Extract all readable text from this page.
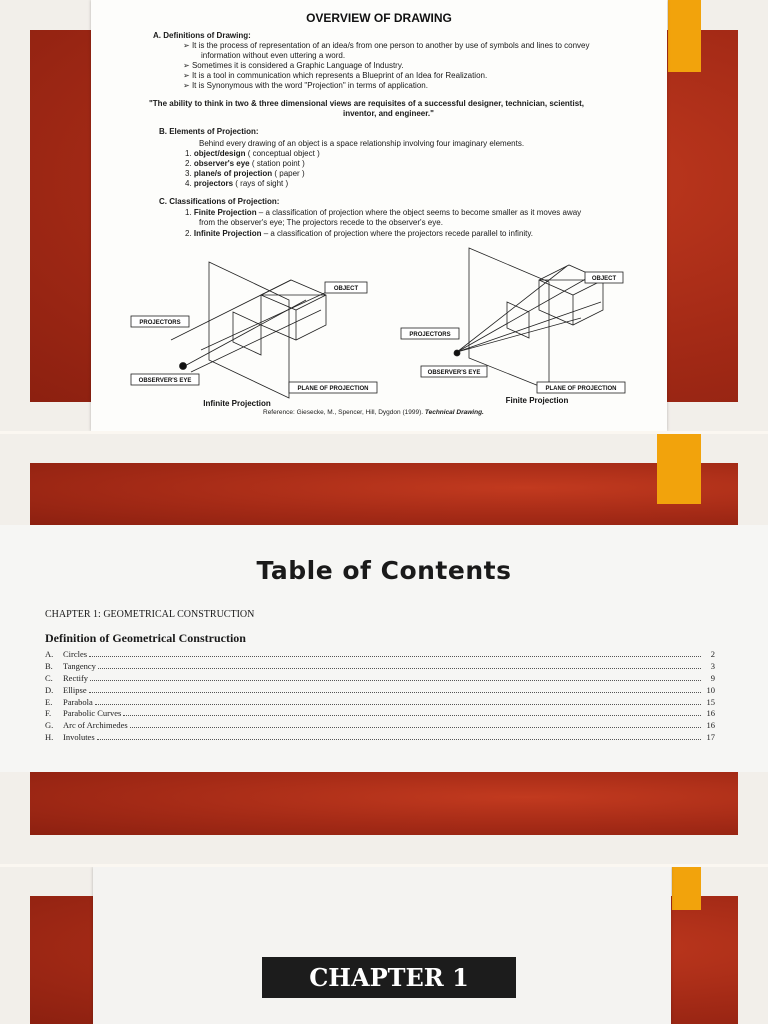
OVERVIEW OF DRAWING
A. Definitions of Drawing:
➢ It is the process of representation of an idea/s from one person to another by use of symbols and lines to convey
information without even uttering a word.
➢ Sometimes it is considered a Graphic Language of Industry.
➢ It is a tool in communication which represents a Blueprint of an Idea for Realization.
➢ It is Synonymous with the word "Projection" in terms of application.
"The ability to think in two & three dimensional views are requisites of a successful designer, technician, scientist,
inventor, and engineer."
B. Elements of Projection:
Behind every drawing of an object is a space relationship involving four imaginary elements.
1. object/design ( conceptual object )
2. observer's eye ( station point )
3. plane/s of projection ( paper )
4. projectors ( rays of sight )
C. Classifications of Projection:
1. Finite Projection – a classification of projection where the object seems to become smaller as it moves away
from the observer's eye; The projectors recede to the observer's eye.
2. Infinite Projection – a classification of projection where the projectors recede parallel to infinity.
OBJECT
PROJECTORS
OBSERVER'S EYE
PLANE OF PROJECTION
OBJECT
PROJECTORS
OBSERVER'S EYE
PLANE OF PROJECTION
Infinite Projection	Finite Projection
Reference: Giesecke, M., Spencer, Hill, Dygdon (1999). Technical Drawing.
Table of Contents
CHAPTER 1: GEOMETRICAL CONSTRUCTION
Definition of Geometrical Construction
A.	Circles	2
B.	Tangency	3
C.	Rectify	9
D.	Ellipse	10
E.	Parabola	15
F.	Parabolic Curves	16
G.	Arc of Archimedes	16
H.	Involutes	17
CHAPTER 1
